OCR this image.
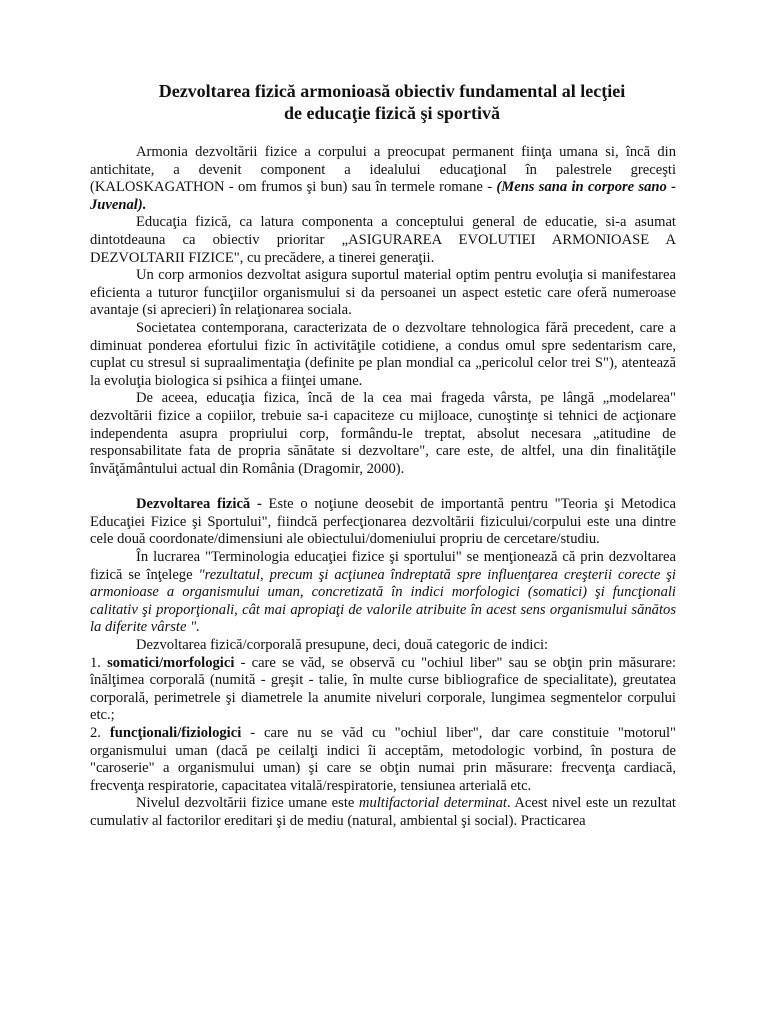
Dezvoltarea fizică armonioasă obiectiv fundamental al lecţiei
de educaţie fizică şi sportivă

Armonia dezvoltării fizice a corpului a preocupat permanent fiinţa umana si, încă din antichitate, a devenit component a idealului educaţional în palestrele greceşti (KALOSKAGATHON - om frumos şi bun) sau în termele romane - (Mens sana in corpore sano - Juvenal).

Educaţia fizică, ca latura componenta a conceptului general de educatie, si-a asumat dintotdeauna ca obiectiv prioritar „ASIGURAREA EVOLUTIEI ARMONIOASE A DEZVOLTARII FIZICE", cu precădere, a tinerei generaţii.

Un corp armonios dezvoltat asigura suportul material optim pentru evoluţia si manifestarea eficienta a tuturor funcţiilor organismului si da persoanei un aspect estetic care oferă numeroase avantaje (si aprecieri) în relaţionarea sociala.

Societatea contemporana, caracterizata de o dezvoltare tehnologica fără precedent, care a diminuat ponderea efortului fizic în activităţile cotidiene, a condus omul spre sedentarism care, cuplat cu stresul si supraalimentaţia (definite pe plan mondial ca „pericolul celor trei S"), atentează la evoluţia biologica si psihica a fiinţei umane.

De aceea, educaţia fizica, încă de la cea mai frageda vârsta, pe lângă „modelarea" dezvoltării fizice a copiilor, trebuie sa-i capaciteze cu mijloace, cunoştinţe si tehnici de acţionare independenta asupra propriului corp, formându-le treptat, absolut necesara „atitudine de responsabilitate fata de propria sănătate si dezvoltare", care este, de altfel, una din finalităţile învăţământului actual din România (Dragomir, 2000).

Dezvoltarea fizică - Este o noţiune deosebit de importantă pentru "Teoria şi Metodica Educaţiei Fizice şi Sportului", fiindcă perfecţionarea dezvoltării fizicului/corpului este una dintre cele două coordonate/dimensiuni ale obiectului/domeniului propriu de cercetare/studiu.

În lucrarea "Terminologia educaţiei fizice şi sportului" se menţionează că prin dezvoltarea fizică se înţelege "rezultatul, precum şi acţiunea îndreptată spre influenţarea creşterii corecte şi armonioase a organismului uman, concretizată în indici morfologici (somatici) şi funcţionali calitativ şi proporţionali, cât mai apropiaţi de valorile atribuite în acest sens organismului sănătos la diferite vârste ".

Dezvoltarea fizică/corporală presupune, deci, două categoric de indici:

1. somatici/morfologici - care se văd, se observă cu "ochiul liber" sau se obţin prin măsurare: înălţimea corporală (numită - greşit - talie, în multe curse bibliografice de specialitate), greutatea corporală, perimetrele şi diametrele la anumite niveluri corporale, lungimea segmentelor corpului etc.;

2. funcţionali/fiziologici - care nu se văd cu "ochiul liber", dar care constituie "motorul" organismului uman (dacă pe ceilalţi indici îi acceptăm, metodologic vorbind, în postura de "caroserie" a organismului uman) şi care se obţin numai prin măsurare: frecvenţa cardiacă, frecvenţa respiratorie, capacitatea vitală/respiratorie, tensiunea arterială etc.

Nivelul dezvoltării fizice umane este multifactorial determinat. Acest nivel este un rezultat cumulativ al factorilor ereditari şi de mediu (natural, ambiental şi social). Practicarea
